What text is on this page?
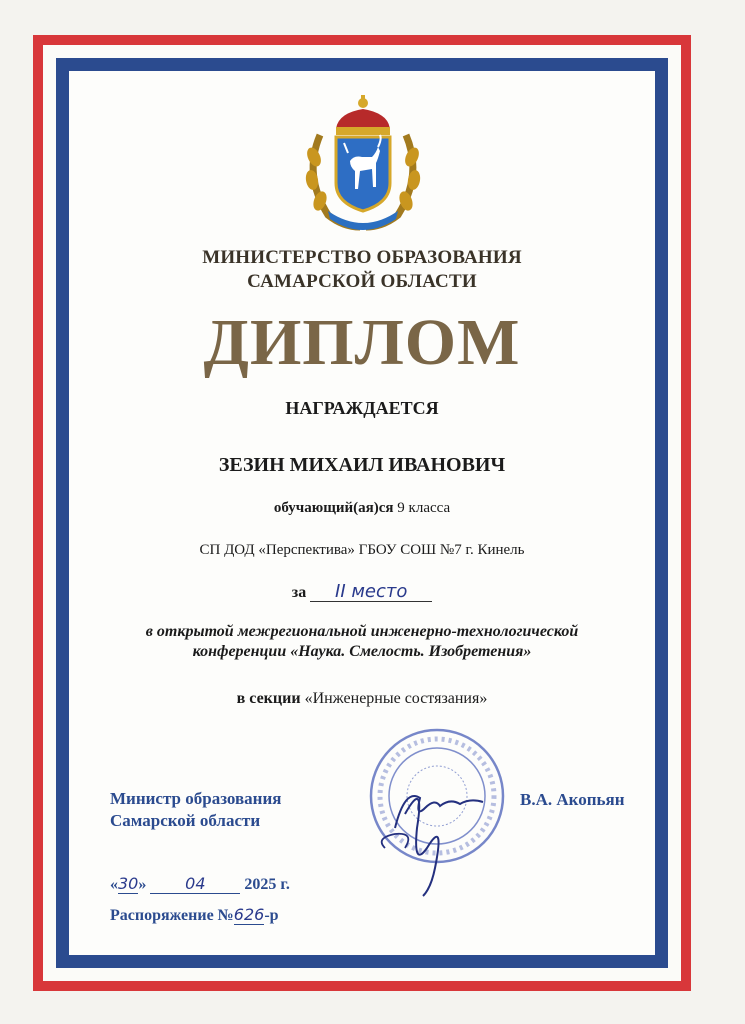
МИНИСТЕРСТВО ОБРАЗОВАНИЯ
САМАРСКОЙ ОБЛАСТИ
ДИПЛОМ
НАГРАЖДАЕТСЯ
ЗЕЗИН МИХАИЛ ИВАНОВИЧ
обучающий(ая)ся 9 класса
СП ДОД «Перспектива» ГБОУ СОШ №7 г. Кинель
за II место
в открытой межрегиональной инженерно-технологической
конференции «Наука. Смелость. Изобретения»
в секции «Инженерные состязания»
Министр образования
Самарской области
В.А. Акопьян
«30» 04 2025 г.
Распоряжение №626-р
